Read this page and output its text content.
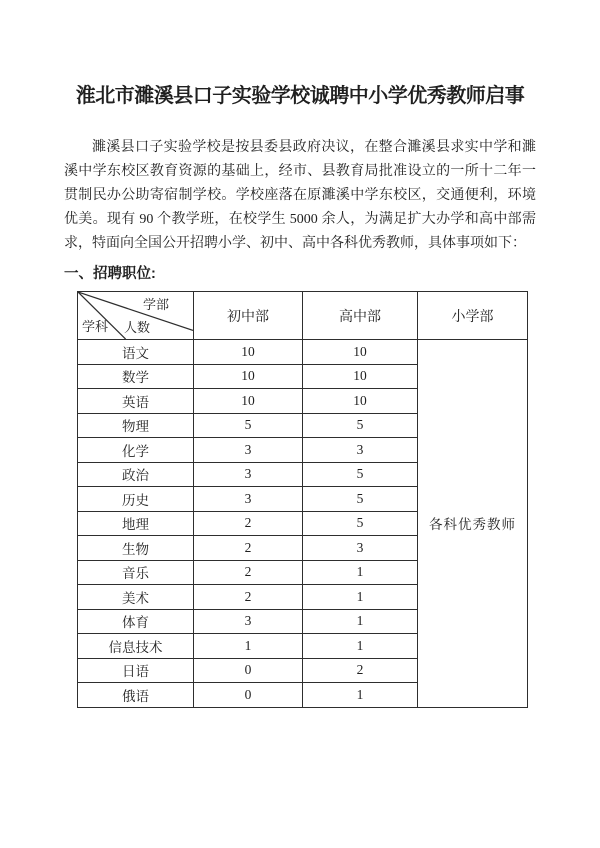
淮北市濉溪县口子实验学校诚聘中小学优秀教师启事
濉溪县口子实验学校是按县委县政府决议，在整合濉溪县求实中学和濉
溪中学东校区教育资源的基础上，经市、县教育局批准设立的一所十二年一
贯制民办公助寄宿制学校。学校座落在原濉溪中学东校区，交通便利，环境
优美。现有 90 个教学班，在校学生 5000 余人，为满足扩大办学和高中部需
求，特面向全国公开招聘小学、初中、高中各科优秀教师，具体事项如下：
一、招聘职位:
学部
人数
学科	初中部	高中部	小学部
语文	10	10	各科优秀教师
数学	10	10	
英语	10	10	
物理	5	5	
化学	3	3	
政治	3	5	
历史	3	5	
地理	2	5	
生物	2	3	
音乐	2	1	
美术	2	1	
体育	3	1	
信息技术	1	1	
日语	0	2	
俄语	0	1	
